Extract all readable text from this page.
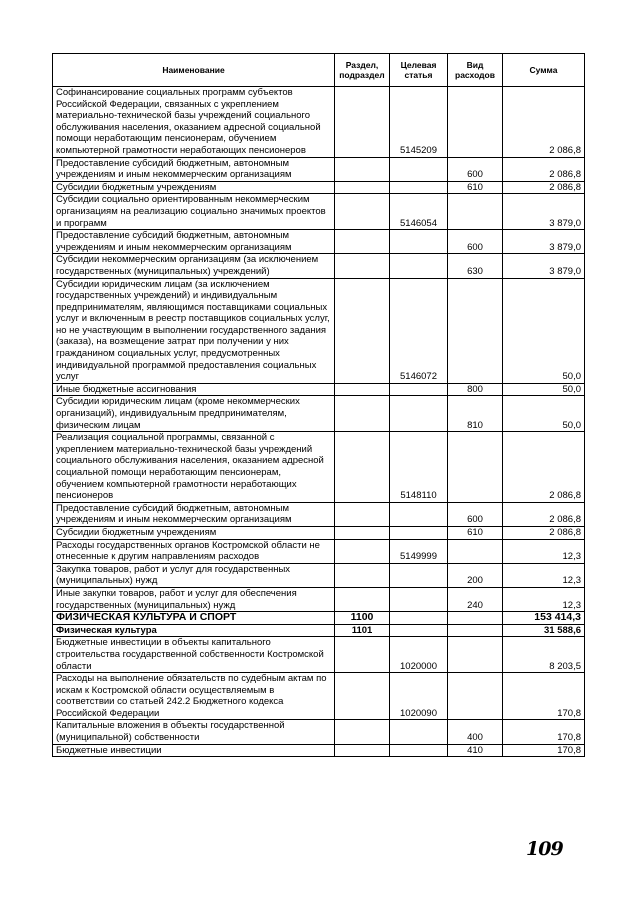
Наименование	Раздел, подраздел	Целевая статья	Вид расходов	Сумма
Софинансирование социальных программ субъектов Российской Федерации, связанных с укреплением материально-технической базы учреждений социального обслуживания населения, оказанием адресной социальной помощи неработающим пенсионерам, обучением компьютерной грамотности неработающих пенсионеров		5145209		2 086,8
Предоставление субсидий бюджетным, автономным учреждениям и иным некоммерческим организациям			600	2 086,8
Субсидии бюджетным учреждениям			610	2 086,8
Субсидии социально ориентированным некоммерческим организациям на реализацию социально значимых проектов и программ		5146054		3 879,0
Предоставление субсидий бюджетным, автономным учреждениям и иным некоммерческим организациям			600	3 879,0
Субсидии некоммерческим организациям (за исключением государственных (муниципальных) учреждений)			630	3 879,0
Субсидии юридическим лицам (за исключением государственных учреждений) и индивидуальным предпринимателям, являющимся поставщиками социальных услуг и включенным в реестр поставщиков социальных услуг, но не участвующим в выполнении государственного задания (заказа), на возмещение затрат при получении у них гражданином социальных услуг, предусмотренных индивидуальной программой предоставления социальных услуг		5146072		50,0
Иные бюджетные ассигнования			800	50,0
Субсидии юридическим лицам (кроме некоммерческих организаций), индивидуальным предпринимателям, физическим лицам			810	50,0
Реализация социальной программы, связанной с укреплением материально-технической базы учреждений социального обслуживания населения, оказанием адресной социальной помощи неработающим пенсионерам, обучением компьютерной грамотности неработающих пенсионеров		5148110		2 086,8
Предоставление субсидий бюджетным, автономным учреждениям и иным некоммерческим организациям			600	2 086,8
Субсидии бюджетным учреждениям			610	2 086,8
Расходы государственных органов Костромской области не отнесенные к другим направлениям расходов		5149999		12,3
Закупка товаров, работ и услуг для государственных (муниципальных) нужд			200	12,3
Иные закупки товаров, работ и услуг для обеспечения государственных (муниципальных) нужд			240	12,3
ФИЗИЧЕСКАЯ КУЛЬТУРА И СПОРТ	1100			153 414,3
Физическая культура	1101			31 588,6
Бюджетные инвестиции в объекты капитального строительства государственной собственности Костромской области		1020000		8 203,5
Расходы на выполнение обязательств по судебным актам по искам к Костромской области осуществляемым в соответствии со статьей 242.2 Бюджетного кодекса Российской Федерации		1020090		170,8
Капитальные вложения в объекты государственной (муниципальной) собственности			400	170,8
Бюджетные инвестиции			410	170,8
109
